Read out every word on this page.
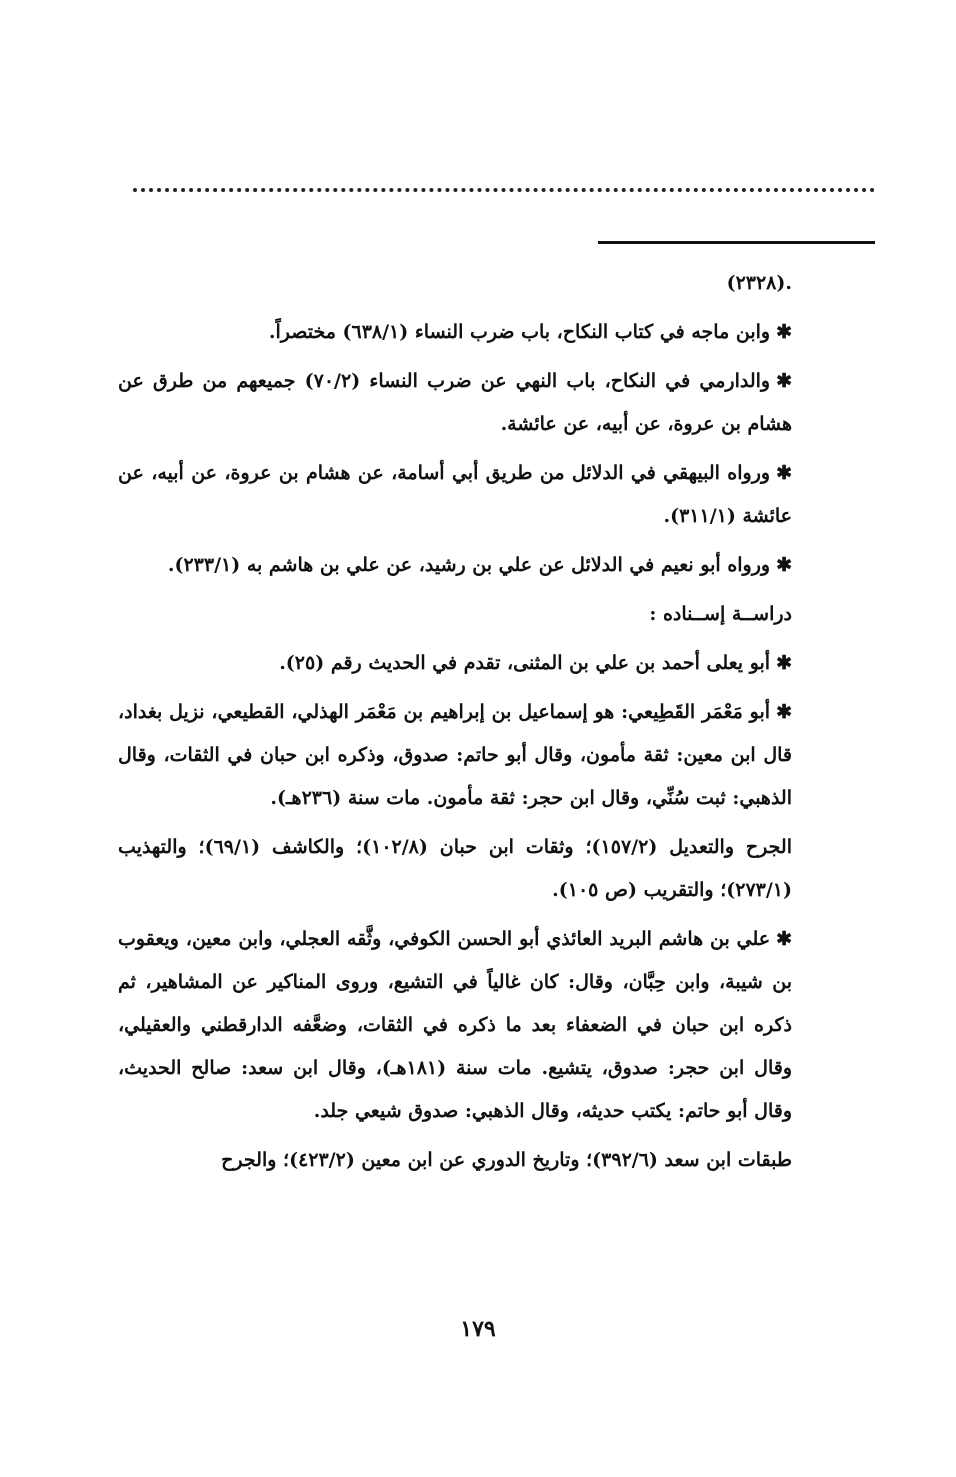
.(٢٣٢٨)

✱وابن ماجه في كتاب النكاح، باب ضرب النساء (٦٣٨/١) مختصراً.

✱والدارمي في النكاح، باب النهي عن ضرب النساء (٧٠/٢) جميعهم من طرق عن هشام بن عروة، عن أبيه، عن عائشة.

✱ورواه البيهقي في الدلائل من طريق أبي أسامة، عن هشام بن عروة، عن أبيه، عن عائشة (٣١١/١).

✱ورواه أبو نعيم في الدلائل عن علي بن رشيد، عن علي بن هاشم به (٢٣٣/١).

دراســة إســناده :

✱أبو يعلى أحمد بن علي بن المثنى، تقدم في الحديث رقم (٢٥).

✱أبو مَعْمَر القَطِيعي: هو إسماعيل بن إبراهيم بن مَعْمَر الهذلي، القطيعي، نزيل بغداد، قال ابن معين: ثقة مأمون، وقال أبو حاتم: صدوق، وذكره ابن حبان في الثقات، وقال الذهبي: ثبت سُنِّي، وقال ابن حجر: ثقة مأمون. مات سنة (٢٣٦هـ).

الجرح والتعديل (١٥٧/٢)؛ وثقات ابن حبان (١٠٢/٨)؛ والكاشف (٦٩/١)؛ والتهذيب (٢٧٣/١)؛ والتقريب (ص ١٠٥).

✱علي بن هاشم البريد العائذي أبو الحسن الكوفي، وثَّقه العجلي، وابن معين، ويعقوب بن شيبة، وابن حِبَّان، وقال: كان غالياً في التشيع، وروى المناكير عن المشاهير، ثم ذكره ابن حبان في الضعفاء بعد ما ذكره في الثقات، وضعَّفه الدارقطني والعقيلي، وقال ابن حجر: صدوق، يتشيع. مات سنة (١٨١هـ)، وقال ابن سعد: صالح الحديث، وقال أبو حاتم: يكتب حديثه، وقال الذهبي: صدوق شيعي جلد.

طبقات ابن سعد (٣٩٢/٦)؛ وتاريخ الدوري عن ابن معين (٤٢٣/٢)؛ والجرح

١٧٩
